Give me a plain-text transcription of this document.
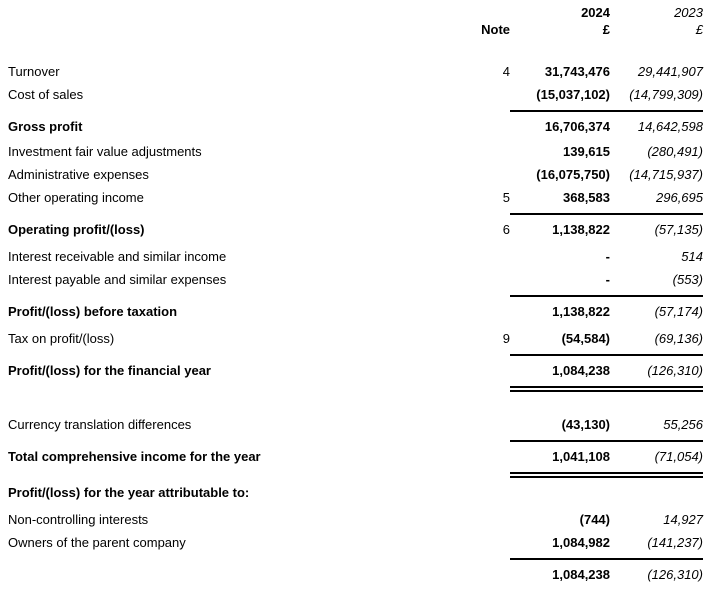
2024	2023
Note	£	£
Turnover	4	31,743,476	29,441,907
Cost of sales	(15,037,102)	(14,799,309)
Gross profit	16,706,374	14,642,598
Investment fair value adjustments	139,615	(280,491)
Administrative expenses	(16,075,750)	(14,715,937)
Other operating income	5	368,583	296,695
Operating profit/(loss)	6	1,138,822	(57,135)
Interest receivable and similar income	-	514
Interest payable and similar expenses	-	(553)
Profit/(loss) before taxation	1,138,822	(57,174)
Tax on profit/(loss)	9	(54,584)	(69,136)
Profit/(loss) for the financial year	1,084,238	(126,310)
Currency translation differences	(43,130)	55,256
Total comprehensive income for the year	1,041,108	(71,054)
Profit/(loss) for the year attributable to:
Non-controlling interests	(744)	14,927
Owners of the parent company	1,084,982	(141,237)
1,084,238	(126,310)
